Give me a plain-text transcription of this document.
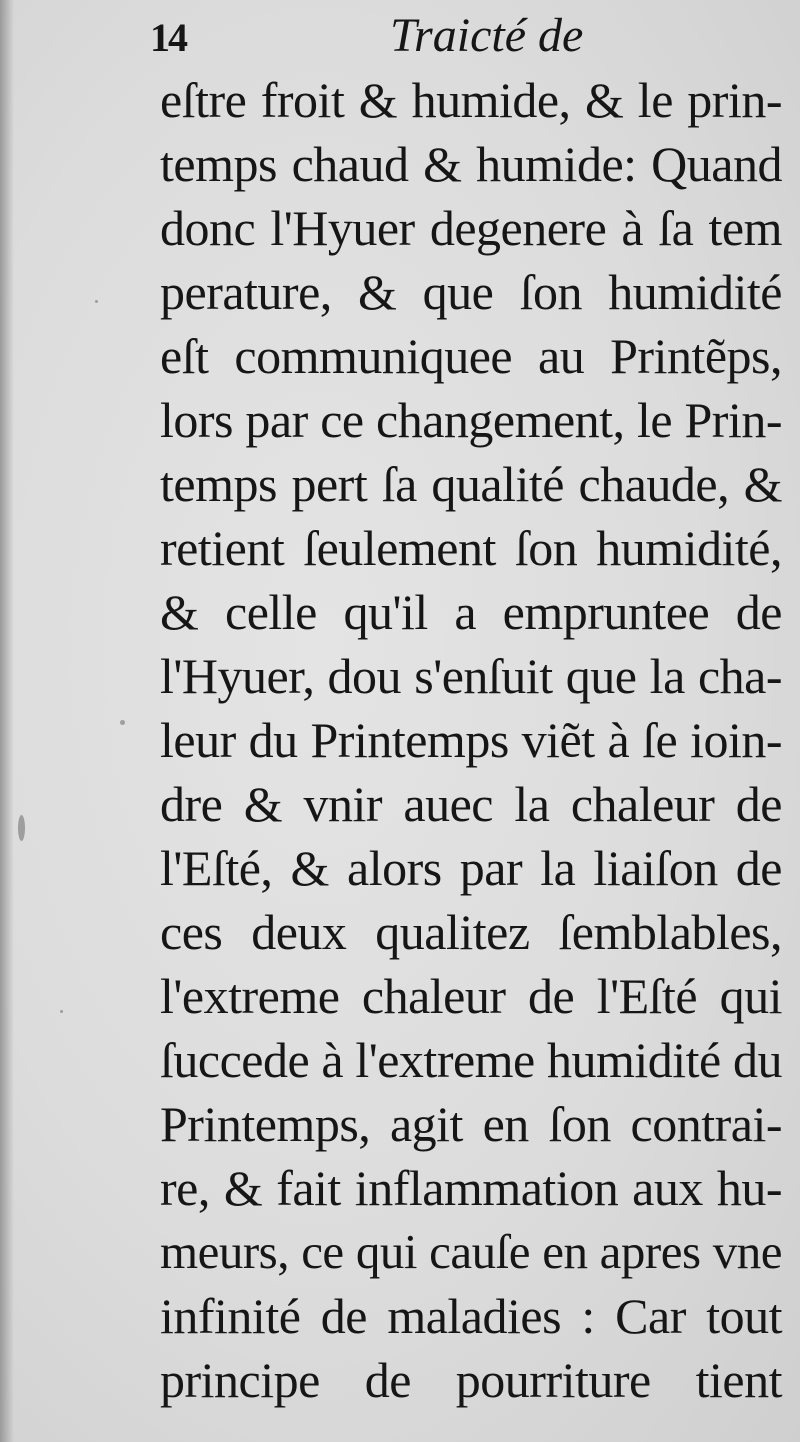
14	Traicté de
eſtre froit & humide, & le prin-
temps chaud & humide: Quand
donc l'Hyuer degenere à ſa tem
perature, & que ſon humidité
eſt communiquee au Printẽps,
lors par ce changement, le Prin-
temps pert ſa qualité chaude, &
retient ſeulement ſon humidité,
& celle qu'il a empruntee de
l'Hyuer, dou s'enſuit que la cha-
leur du Printemps viẽt à ſe ioin-
dre & vnir auec la chaleur de
l'Eſté, & alors par la liaiſon de
ces deux qualitez ſemblables,
l'extreme chaleur de l'Eſté qui
ſuccede à l'extreme humidité du
Printemps, agit en ſon contrai-
re, & fait inflammation aux hu-
meurs, ce qui cauſe en apres vne
infinité de maladies : Car tout
principe de pourriture tient
